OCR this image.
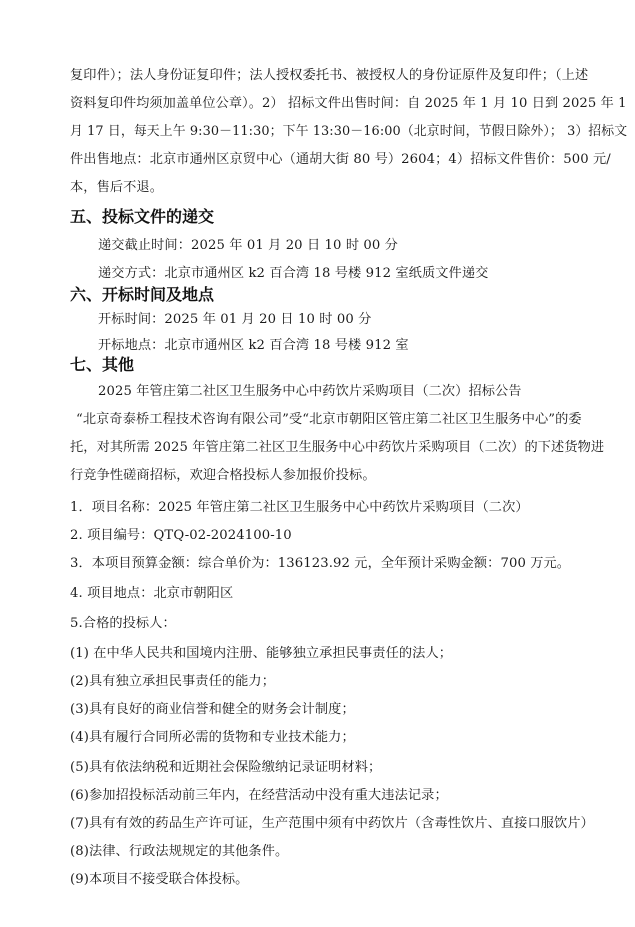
复印件）；法人身份证复印件；法人授权委托书、被授权人的身份证原件及复印件；（上述
资料复印件均须加盖单位公章）。2） 招标文件出售时间：自 2025 年 1 月 10 日到 2025 年 1
月 17 日，每天上午 9:30－11:30；下午 13:30－16:00（北京时间，节假日除外）； 3）招标文
件出售地点：北京市通州区京贸中心（通胡大街 80 号）2604；4）招标文件售价：500 元/
本，售后不退。
五、投标文件的递交
递交截止时间：2025 年 01 月 20 日 10 时 00 分
递交方式：北京市通州区 k2 百合湾 18 号楼 912 室纸质文件递交
六、开标时间及地点
开标时间：2025 年 01 月 20 日 10 时 00 分
开标地点：北京市通州区 k2 百合湾 18 号楼 912 室
七、其他
2025 年管庄第二社区卫生服务中心中药饮片采购项目（二次）招标公告
“北京奇泰桥工程技术咨询有限公司”受“北京市朝阳区管庄第二社区卫生服务中心”的委
托，对其所需 2025 年管庄第二社区卫生服务中心中药饮片采购项目（二次）的下述货物进
行竞争性磋商招标，欢迎合格投标人参加报价投标。
1．项目名称：2025 年管庄第二社区卫生服务中心中药饮片采购项目（二次）
2. 项目编号：QTQ-02-2024100-10
3．本项目预算金额：综合单价为：136123.92 元，全年预计采购金额：700 万元。
4. 项目地点：北京市朝阳区
5.合格的投标人：
(1) 在中华人民共和国境内注册、能够独立承担民事责任的法人；
(2)具有独立承担民事责任的能力；
(3)具有良好的商业信誉和健全的财务会计制度；
(4)具有履行合同所必需的货物和专业技术能力；
(5)具有依法纳税和近期社会保险缴纳记录证明材料；
(6)参加招投标活动前三年内，在经营活动中没有重大违法记录；
(7)具有有效的药品生产许可证，生产范围中须有中药饮片（含毒性饮片、直接口服饮片）
(8)法律、行政法规规定的其他条件。
(9)本项目不接受联合体投标。
